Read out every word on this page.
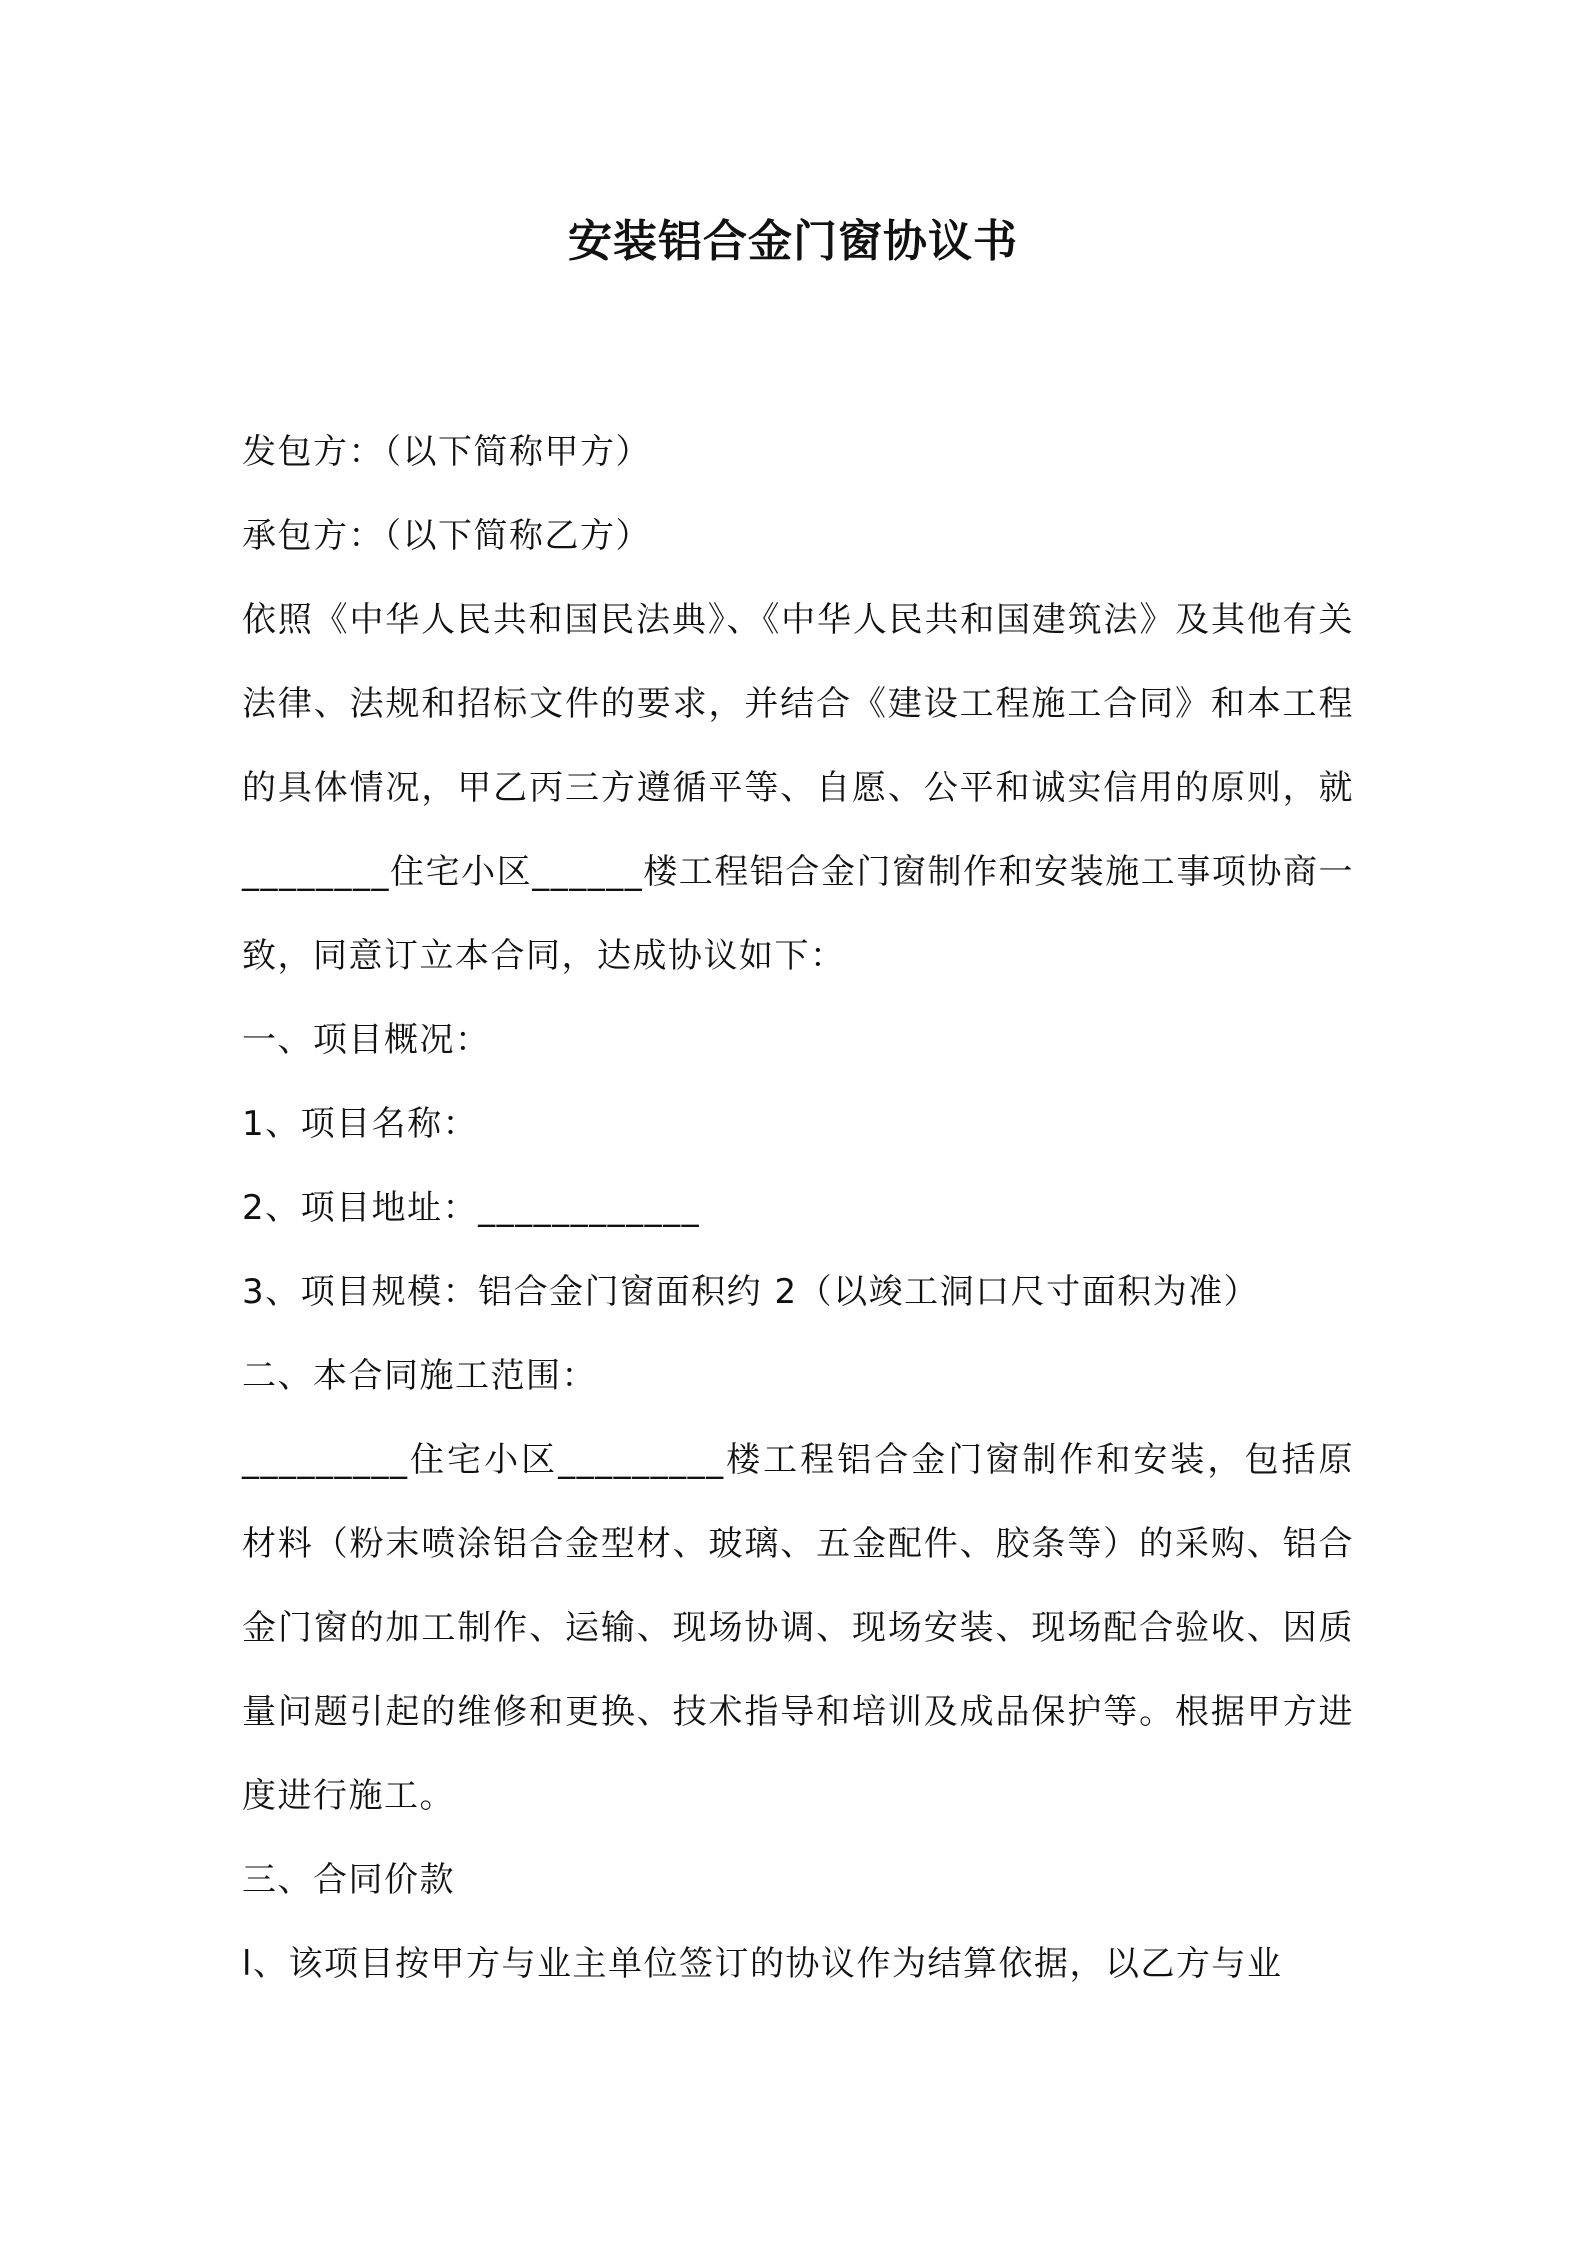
安装铝合金门窗协议书

发包方：（以下简称甲方）

承包方：（以下简称乙方）

依照《中华人民共和国民法典》、《中华人民共和国建筑法》及其他有关法律、法规和招标文件的要求，并结合《建设工程施工合同》和本工程的具体情况，甲乙丙三方遵循平等、自愿、公平和诚实信用的原则，就________住宅小区______楼工程铝合金门窗制作和安装施工事项协商一致，同意订立本合同，达成协议如下：

一、项目概况：

1、项目名称：

2、项目地址：____________

3、项目规模：铝合金门窗面积约 2（以竣工洞口尺寸面积为准）

二、本合同施工范围：

_________住宅小区_________楼工程铝合金门窗制作和安装，包括原材料（粉末喷涂铝合金型材、玻璃、五金配件、胶条等）的采购、铝合金门窗的加工制作、运输、现场协调、现场安装、现场配合验收、因质量问题引起的维修和更换、技术指导和培训及成品保护等。根据甲方进度进行施工。

三、合同价款

l、该项目按甲方与业主单位签订的协议作为结算依据，以乙方与业
